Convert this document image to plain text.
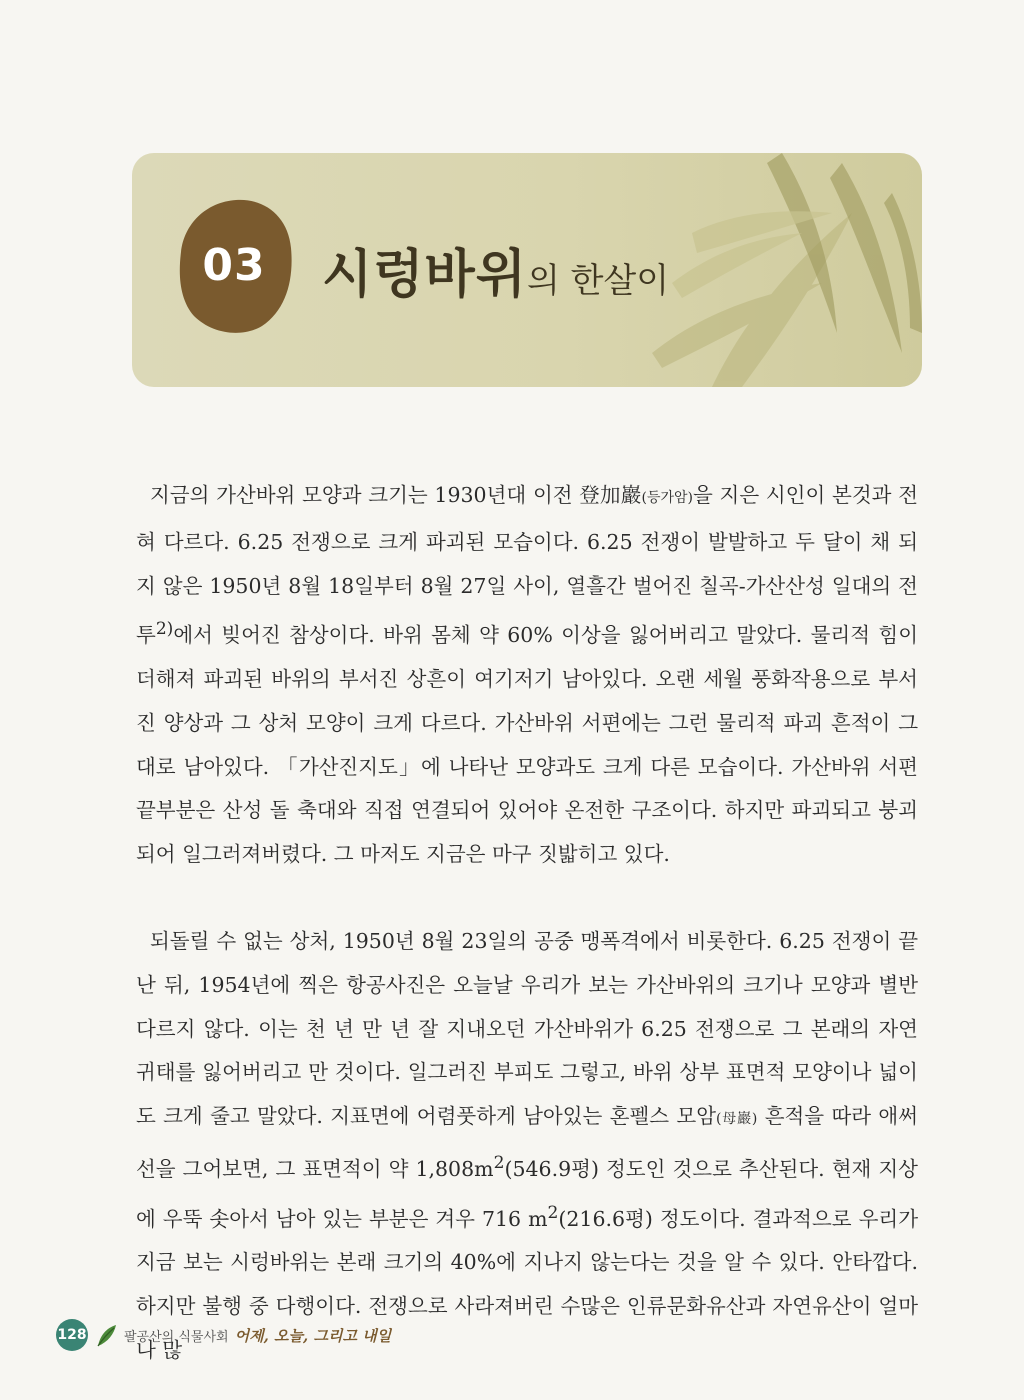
03	시렁바위의 한살이

지금의 가산바위 모양과 크기는 1930년대 이전 登加巖(등가암)을 지은 시인이 본것과 전혀 다르다. 6.25 전쟁으로 크게 파괴된 모습이다. 6.25 전쟁이 발발하고 두 달이 채 되지 않은 1950년 8월 18일부터 8월 27일 사이, 열흘간 벌어진 칠곡-가산산성 일대의 전투$^{2)}$에서 빚어진 참상이다. 바위 몸체 약 60% 이상을 잃어버리고 말았다. 물리적 힘이 더해져 파괴된 바위의 부서진 상흔이 여기저기 남아있다. 오랜 세월 풍화작용으로 부서진 양상과 그 상처 모양이 크게 다르다. 가산바위 서편에는 그런 물리적 파괴 흔적이 그대로 남아있다. 「가산진지도」에 나타난 모양과도 크게 다른 모습이다. 가산바위 서편 끝부분은 산성 돌 축대와 직접 연결되어 있어야 온전한 구조이다. 하지만 파괴되고 붕괴되어 일그러져버렸다. 그 마저도 지금은 마구 짓밟히고 있다.

되돌릴 수 없는 상처, 1950년 8월 23일의 공중 맹폭격에서 비롯한다. 6.25 전쟁이 끝난 뒤, 1954년에 찍은 항공사진은 오늘날 우리가 보는 가산바위의 크기나 모양과 별반 다르지 않다. 이는 천 년 만 년 잘 지내오던 가산바위가 6.25 전쟁으로 그 본래의 자연 귀태를 잃어버리고 만 것이다. 일그러진 부피도 그렇고, 바위 상부 표면적 모양이나 넓이도 크게 줄고 말았다. 지표면에 어렴풋하게 남아있는 혼펠스 모암(母巖) 흔적을 따라 애써 선을 그어보면, 그 표면적이 약 $1,808m^2(546.9$평) 정도인 것으로 추산된다. 현재 지상에 우뚝 솟아서 남아 있는 부분은 겨우 716 $m^2(216.6$평) 정도이다. 결과적으로 우리가 지금 보는 시렁바위는 본래 크기의 40%에 지나지 않는다는 것을 알 수 있다. 안타깝다. 하지만 불행 중 다행이다. 전쟁으로 사라져버린 수많은 인류문화유산과 자연유산이 얼마나 많

128	팔공산의 식물사회 어제, 오늘, 그리고 내일
